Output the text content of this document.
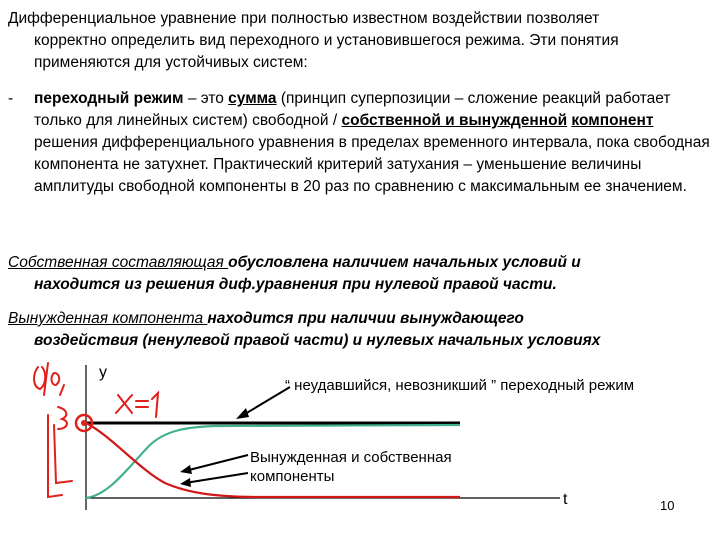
Дифференциальное уравнение при полностью известном воздействии позволяет
корректно определить вид переходного и установившегося режима. Эти понятия применяются для устойчивых систем:
-	переходный режим – это сумма (принцип суперпозиции – сложение реакций работает только для линейных систем) свободной / собственной и вынужденной компонент решения дифференциального уравнения в пределах временного интервала, пока свободная компонента не затухнет. Практический критерий затухания – уменьшение величины амплитуды свободной компоненты в 20 раз по сравнению с максимальным ее значением.
Собственная составляющая обусловлена наличием начальных условий и
находится из решения диф.уравнения при нулевой правой части.
Вынужденная компонента находится при наличии вынуждающего
воздействия (ненулевой правой части) и нулевых начальных условиях
y
t
“ неудавшийся, невозникший ” переходный режим
Вынужденная и собственная компоненты
10
